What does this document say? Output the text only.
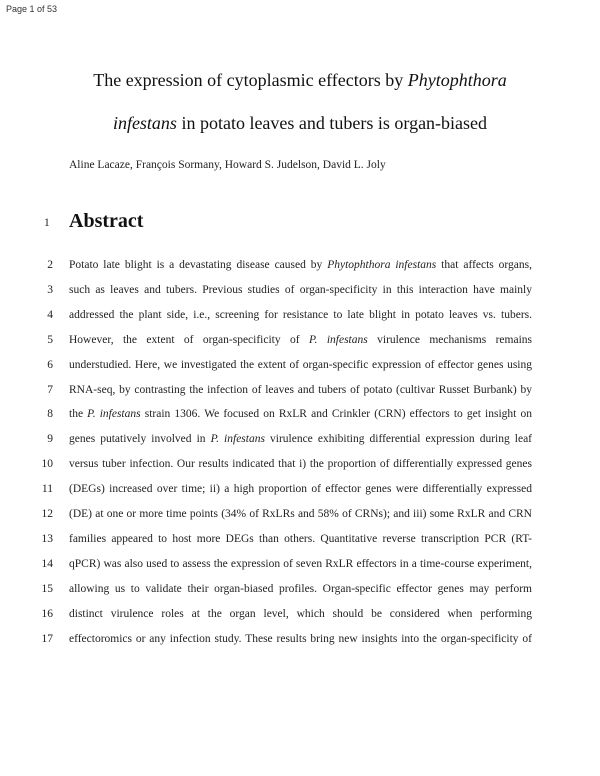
Page 1 of 53
The expression of cytoplasmic effectors by Phytophthora
infestans in potato leaves and tubers is organ-biased
Aline Lacaze, François Sormany, Howard S. Judelson, David L. Joly
1 Abstract
2 Potato late blight is a devastating disease caused by Phytophthora infestans that affects organs,
3 such as leaves and tubers. Previous studies of organ-specificity in this interaction have mainly
4 addressed the plant side, i.e., screening for resistance to late blight in potato leaves vs. tubers.
5 However, the extent of organ-specificity of P. infestans virulence mechanisms remains
6 understudied. Here, we investigated the extent of organ-specific expression of effector genes using
7 RNA-seq, by contrasting the infection of leaves and tubers of potato (cultivar Russet Burbank) by
8 the P. infestans strain 1306. We focused on RxLR and Crinkler (CRN) effectors to get insight on
9 genes putatively involved in P. infestans virulence exhibiting differential expression during leaf
10 versus tuber infection. Our results indicated that i) the proportion of differentially expressed genes
11 (DEGs) increased over time; ii) a high proportion of effector genes were differentially expressed
12 (DE) at one or more time points (34% of RxLRs and 58% of CRNs); and iii) some RxLR and CRN
13 families appeared to host more DEGs than others. Quantitative reverse transcription PCR (RT-
14 qPCR) was also used to assess the expression of seven RxLR effectors in a time-course experiment,
15 allowing us to validate their organ-biased profiles. Organ-specific effector genes may perform
16 distinct virulence roles at the organ level, which should be considered when performing
17 effectoromics or any infection study. These results bring new insights into the organ-specificity of
